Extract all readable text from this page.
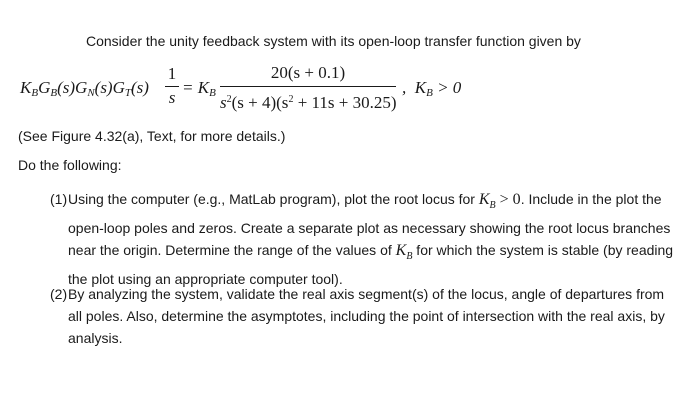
Consider the unity feedback system with its open-loop transfer function given by
$K_BG_B(s)G_N(s)G_T(s)$
1
s
= $K_B$
20(s + 0.1)
$s^2(s + 4)(s^2 + 11s + 30.25)$
,  $K_B > 0$
(See Figure 4.32(a), Text, for more details.)
Do the following:
(1) Using the computer (e.g., MatLab program), plot the root locus for $K_B > 0$. Include in the plot the open-loop poles and zeros. Create a separate plot as necessary showing the root locus branches near the origin. Determine the range of the values of $K_B$ for which the system is stable (by reading the plot using an appropriate computer tool).
(2) By analyzing the system, validate the real axis segment(s) of the locus, angle of departures from all poles. Also, determine the asymptotes, including the point of intersection with the real axis, by analysis.
